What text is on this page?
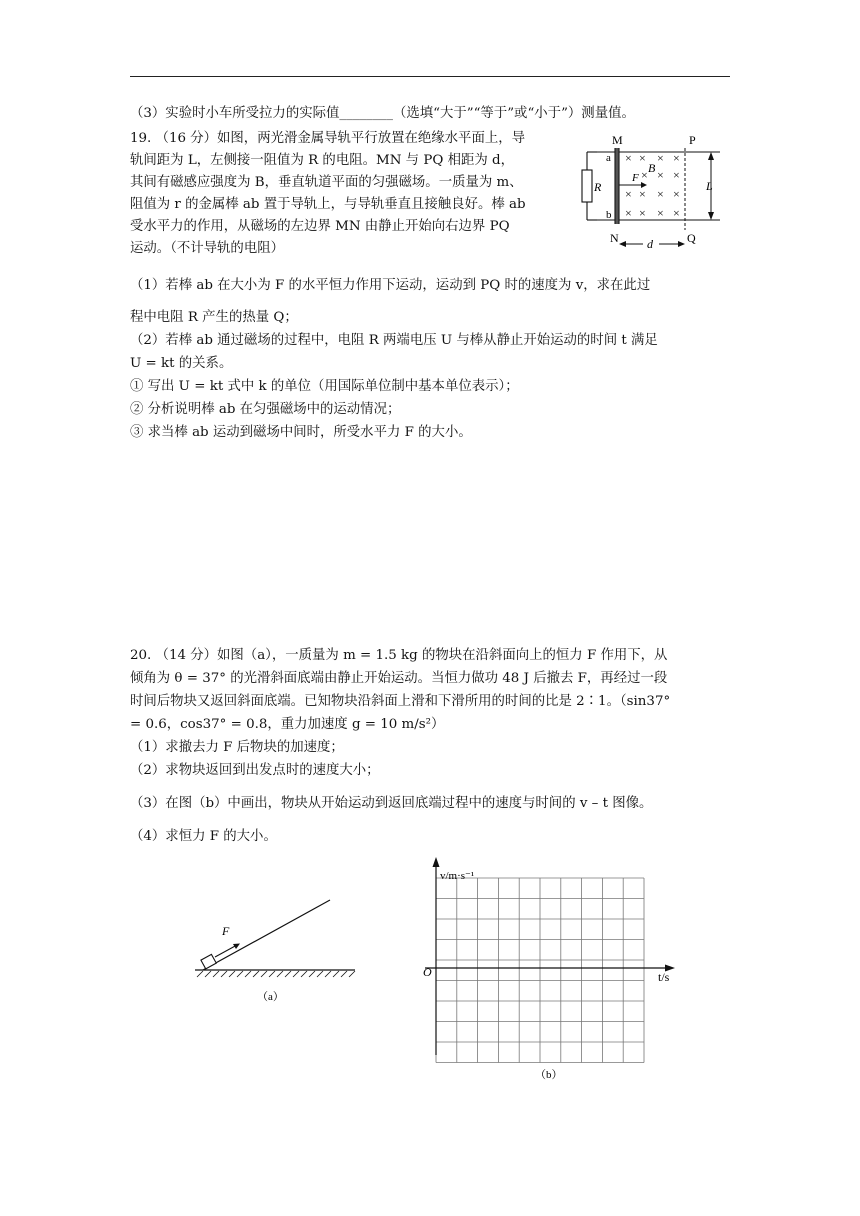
（3）实验时小车所受拉力的实际值________（选填“大于”“等于”或“小于”）测量值。
19. （16 分）如图，两光滑金属导轨平行放置在绝缘水平面上，导
轨间距为 L，左侧接一阻值为 R 的电阻。MN 与 PQ 相距为 d，
其间有磁感应强度为 B，垂直轨道平面的匀强磁场。一质量为 m、
阻值为 r 的金属棒 ab 置于导轨上，与导轨垂直且接触良好。棒 ab
受水平力的作用，从磁场的左边界 MN 由静止开始向右边界 PQ
运动。（不计导轨的电阻）
M	P
R
a
b
N	Q
× × × ×
× × ×
× × × ×
× × × ×
B
F
L
d
（1）若棒 ab 在大小为 F 的水平恒力作用下运动，运动到 PQ 时的速度为 v，求在此过
程中电阻 R 产生的热量 Q；
（2）若棒 ab 通过磁场的过程中，电阻 R 两端电压 U 与棒从静止开始运动的时间 t 满足
U = kt 的关系。
① 写出 U = kt 式中 k 的单位（用国际单位制中基本单位表示）；
② 分析说明棒 ab 在匀强磁场中的运动情况；
③ 求当棒 ab 运动到磁场中间时，所受水平力 F 的大小。
20. （14 分）如图（a），一质量为 m = 1.5 kg 的物块在沿斜面向上的恒力 F 作用下，从
倾角为 θ = 37° 的光滑斜面底端由静止开始运动。当恒力做功 48 J 后撤去 F，再经过一段
时间后物块又返回斜面底端。已知物块沿斜面上滑和下滑所用的时间的比是 2∶1。（sin37°
= 0.6，cos37° = 0.8，重力加速度 g = 10 m/s²）
（1）求撤去力 F 后物块的加速度；
（2）求物块返回到出发点时的速度大小；
（3）在图（b）中画出，物块从开始运动到返回底端过程中的速度与时间的 v – t 图像。
（4）求恒力 F 的大小。
F
（a）
v/m·s⁻¹
t/s
O
（b）
